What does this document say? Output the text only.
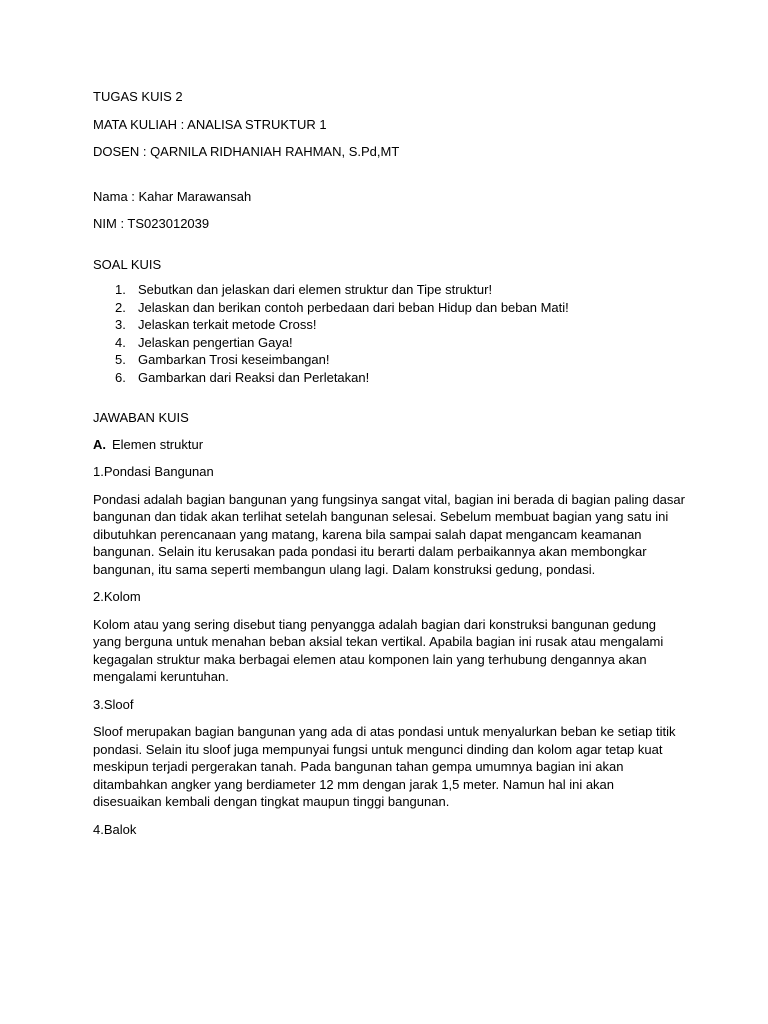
TUGAS KUIS 2

MATA KULIAH : ANALISA STRUKTUR 1

DOSEN : QARNILA RIDHANIAH RAHMAN, S.Pd,MT

Nama : Kahar Marawansah

NIM : TS023012039

SOAL KUIS

1. Sebutkan dan jelaskan dari elemen struktur dan Tipe struktur!
2. Jelaskan dan berikan contoh perbedaan dari beban Hidup dan beban Mati!
3. Jelaskan terkait metode Cross!
4. Jelaskan pengertian Gaya!
5. Gambarkan Trosi keseimbangan!
6. Gambarkan dari Reaksi dan Perletakan!

JAWABAN KUIS

A. Elemen struktur

1.Pondasi Bangunan

Pondasi adalah bagian bangunan yang fungsinya sangat vital, bagian ini berada di bagian paling dasar
bangunan dan tidak akan terlihat setelah bangunan selesai. Sebelum membuat bagian yang satu ini
dibutuhkan perencanaan yang matang, karena bila sampai salah dapat mengancam keamanan
bangunan. Selain itu kerusakan pada pondasi itu berarti dalam perbaikannya akan membongkar
bangunan, itu sama seperti membangun ulang lagi. Dalam konstruksi gedung, pondasi.

2.Kolom

Kolom atau yang sering disebut tiang penyangga adalah bagian dari konstruksi bangunan gedung
yang berguna untuk menahan beban aksial tekan vertikal. Apabila bagian ini rusak atau mengalami
kegagalan struktur maka berbagai elemen atau komponen lain yang terhubung dengannya akan
mengalami keruntuhan.

3.Sloof

Sloof merupakan bagian bangunan yang ada di atas pondasi untuk menyalurkan beban ke setiap titik
pondasi. Selain itu sloof juga mempunyai fungsi untuk mengunci dinding dan kolom agar tetap kuat
meskipun terjadi pergerakan tanah. Pada bangunan tahan gempa umumnya bagian ini akan
ditambahkan angker yang berdiameter 12 mm dengan jarak 1,5 meter. Namun hal ini akan
disesuaikan kembali dengan tingkat maupun tinggi bangunan.

4.Balok
